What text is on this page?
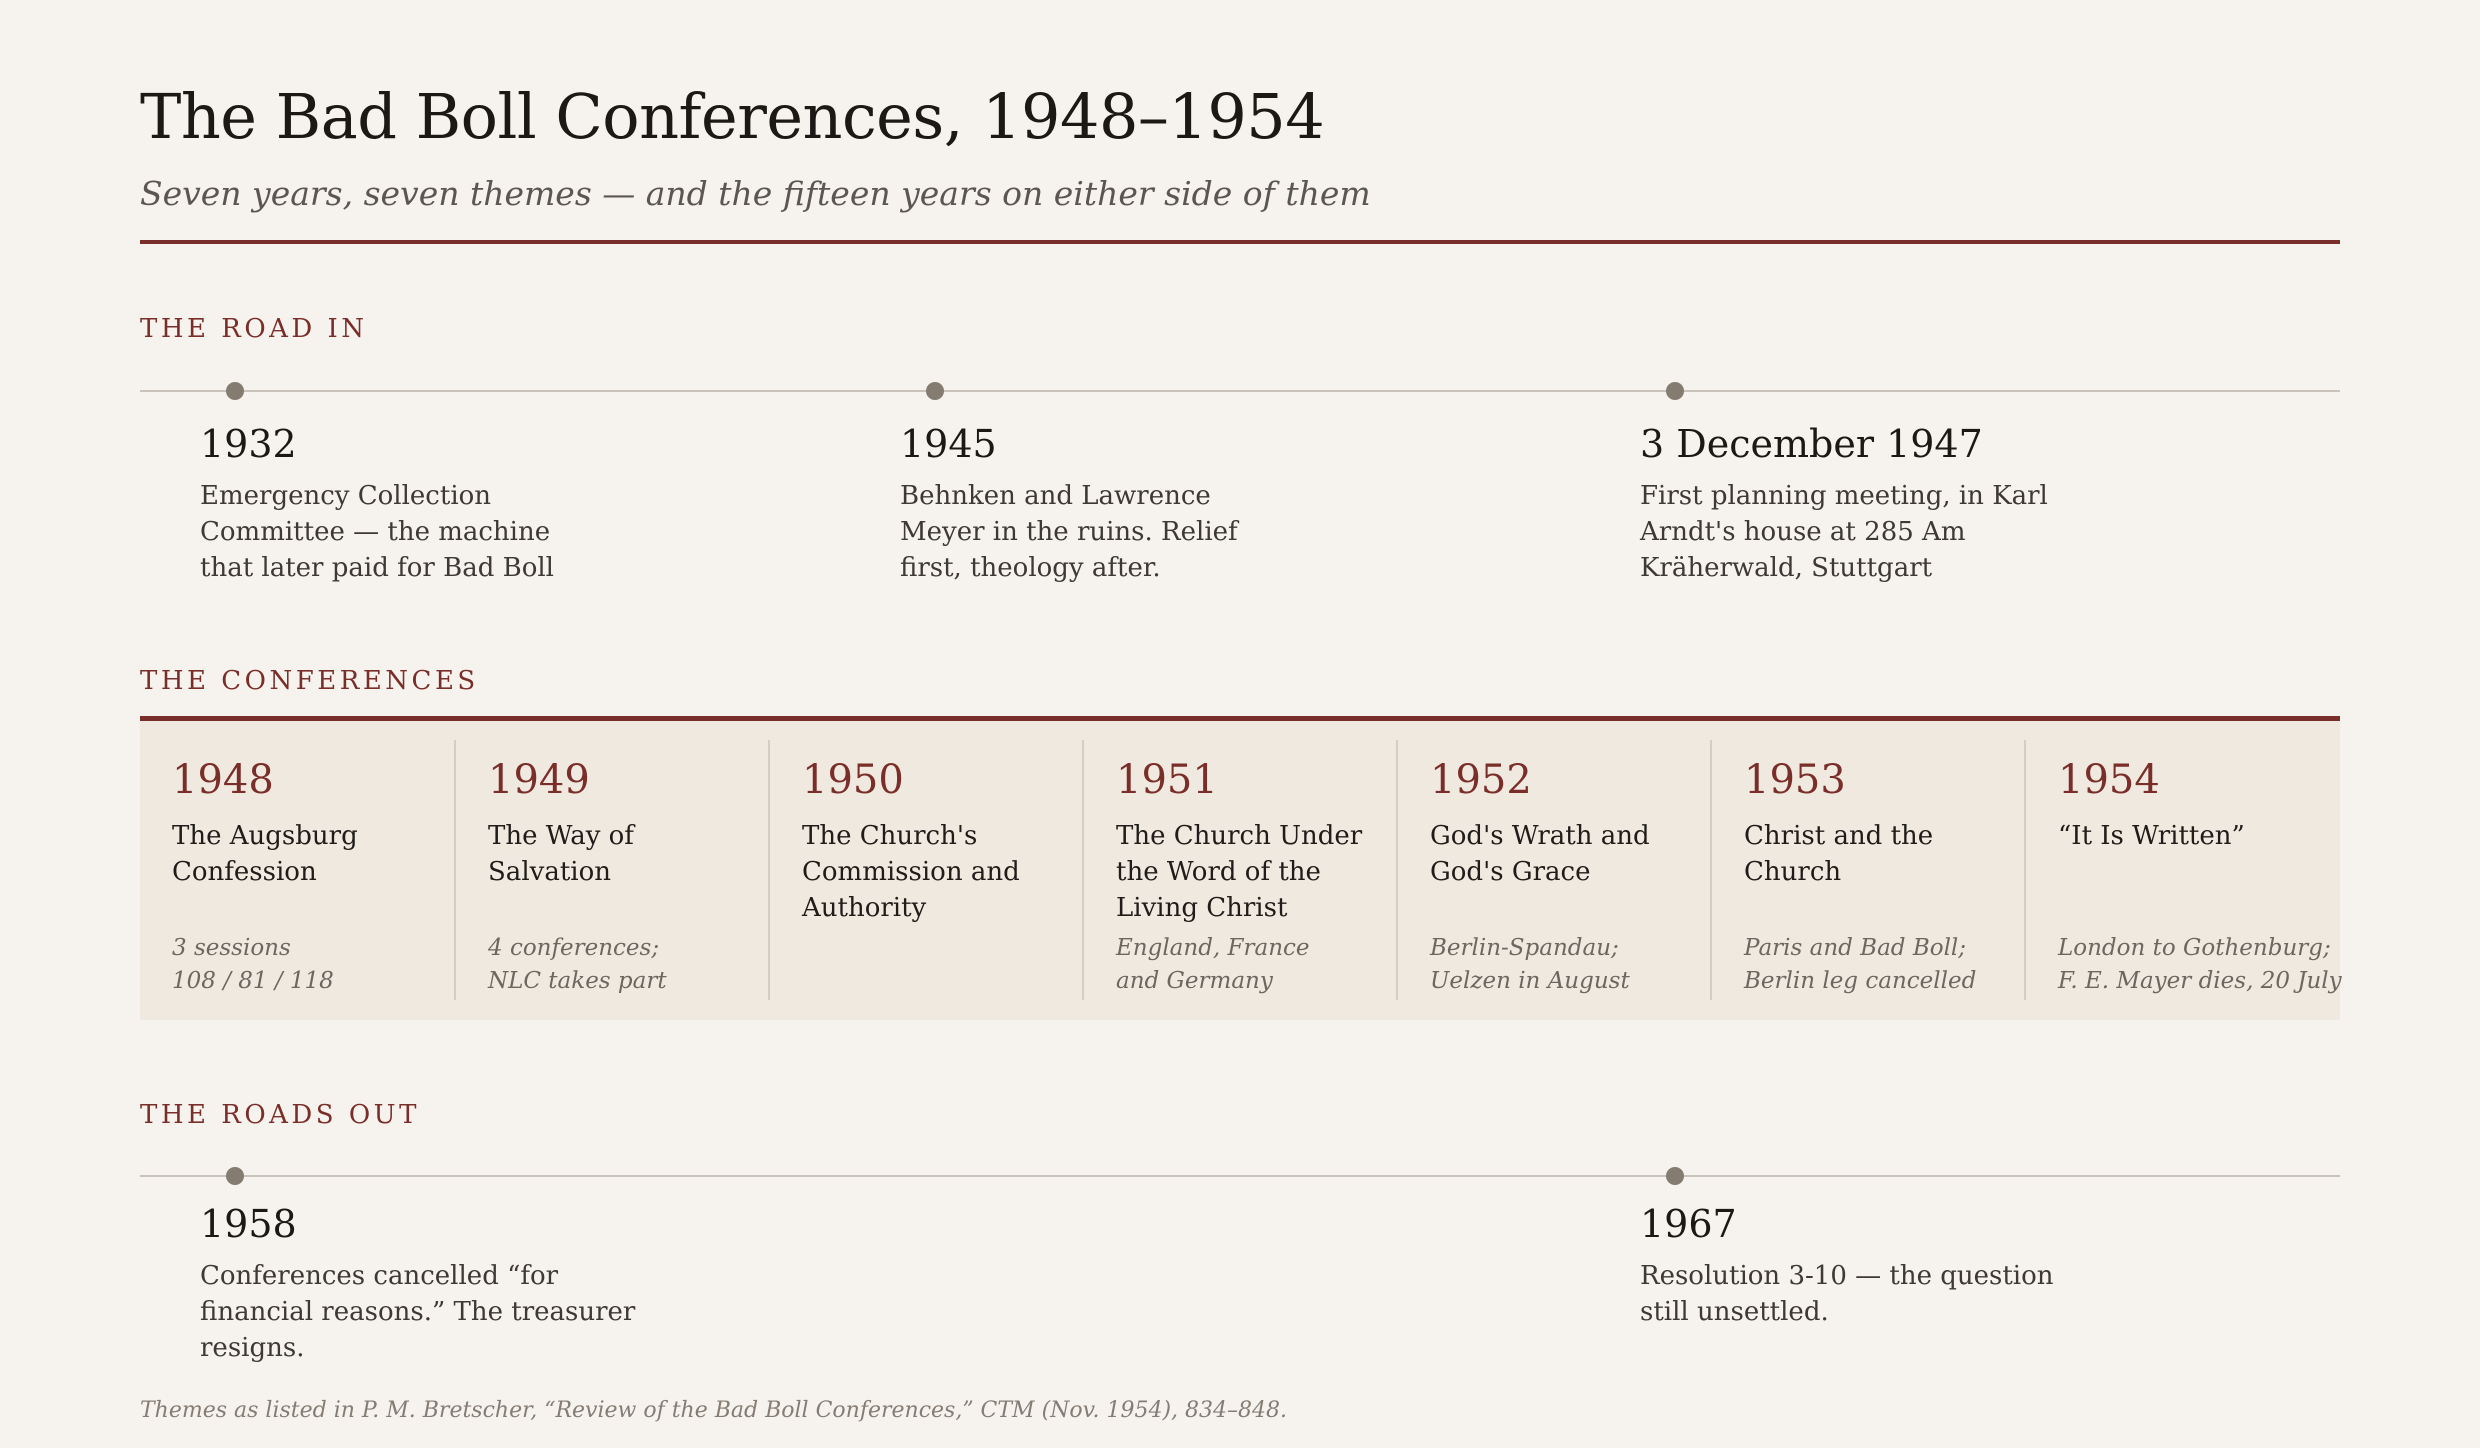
The Bad Boll Conferences, 1948–1954
Seven years, seven themes — and the fifteen years on either side of them
THE ROAD IN
1932
Emergency Collection Committee — the machine that later paid for Bad Boll
1945
Behnken and Lawrence Meyer in the ruins. Relief first, theology after.
3 December 1947
First planning meeting, in Karl Arndt's house at 285 Am Kräherwald, Stuttgart
THE CONFERENCES
1948
The Augsburg Confession
3 sessions
108 / 81 / 118
1949
The Way of Salvation
4 conferences;
NLC takes part
1950
The Church's Commission and Authority
1951
The Church Under the Word of the Living Christ
England, France
and Germany
1952
God's Wrath and God's Grace
Berlin-Spandau;
Uelzen in August
1953
Christ and the Church
Paris and Bad Boll;
Berlin leg cancelled
1954
“It Is Written”
London to Gothenburg;
F. E. Mayer dies, 20 July
THE ROADS OUT
1958
Conferences cancelled “for financial reasons.” The treasurer resigns.
1967
Resolution 3-10 — the question still unsettled.
Themes as listed in P. M. Bretscher, “Review of the Bad Boll Conferences,” CTM (Nov. 1954), 834–848.
